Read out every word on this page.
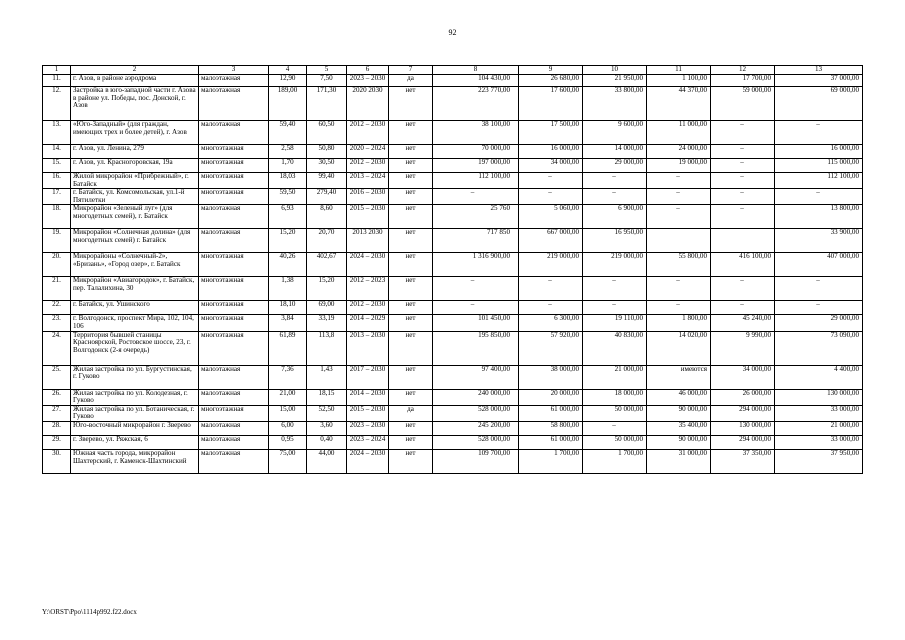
92
1	2	3	4	5	6	7	8	9	10	11	12	13
11.	г. Азов, в районе аэродрома	малоэтажная	12,90	7,50	2023 – 2030	да	104 430,00	26 680,00	21 950,00	1 100,00	17 700,00	37 000,00
12.	Застройка в юго-западной части г. Азова в районе ул. Победы, пос. Донской, г. Азов	малоэтажная	189,00	171,30	2020 2030	нет	223 770,00	17 600,00	33 800,00	44 370,00	59 000,00	69 000,00
13.	«Юго-Западный» (для граждан, имеющих трех и более детей), г. Азов	малоэтажная	59,40	60,50	2012 – 2030	нет	38 100,00	17 500,00	9 600,00	11 000,00	–	–
14.	г. Азов, ул. Ленина, 279	многоэтажная	2,58	50,80	2020 – 2024	нет	70 000,00	16 000,00	14 000,00	24 000,00	–	16 000,00
15.	г. Азов, ул. Красногоровская, 19а	многоэтажная	1,70	30,50	2012 – 2030	нет	197 000,00	34 000,00	29 000,00	19 000,00	–	115 000,00
16.	Жилой микрорайон «Прибрежный», г. Батайск	многоэтажная	18,03	99,40	2013 – 2024	нет	112 100,00	–	–	–	–	112 100,00
17.	г. Батайск, ул. Комсомольская, ул.1-й Пятилетки	многоэтажная	59,50	279,40	2016 – 2030	нет	–	–	–	–	–	–
18.	Микрорайон «Зеленый луг» (для многодетных семей), г. Батайск	малоэтажная	6,93	8,60	2015 – 2030	нет	25 760	5 060,00	6 900,00	–	–	13 800,00
19.	Микрорайон «Солнечная долина» (для многодетных семей) г. Батайск	малоэтажная	15,20	20,70	2013 2030	нет	717 850	667 000,00	16 950,00			33 900,00
20.	Микрорайоны «Солнечный-2», «Бризань», «Город озер», г. Батайск	многоэтажная	40,26	402,67	2024 – 2030	нет	1 316 900,00	219 000,00	219 000,00	55 800,00	416 100,00	407 000,00
21.	Микрорайон «Авиагородок», г. Батайск, пер. Талалихина, 30	многоэтажная	1,38	15,20	2012 – 2023	нет	–	–	–	–	–	–
22.	г. Батайск, ул. Ушинского	многоэтажная	18,10	69,00	2012 – 2030	нет	–	–	–	–	–	–
23.	г. Волгодонск, проспект Мира, 102, 104, 106	многоэтажная	3,84	33,19	2014 – 2029	нет	101 450,00	6 300,00	19 110,00	1 800,00	45 240,00	29 000,00
24.	Территория бывшей станицы Красноярской, Ростовское шоссе, 23, г. Волгодонск (2-я очередь)	многоэтажная	61,89	113,8	2013 – 2030	нет	195 850,00	57 920,00	40 830,00	14 020,00	9 990,00	73 090,00
25.	Жилая застройка по ул. Бургустинская, г. Гуково	малоэтажная	7,36	1,43	2017 – 2030	нет	97 400,00	38 000,00	21 000,00	имеются	34 000,00	4 400,00
26.	Жилая застройка по ул. Колодезная, г. Гуково	малоэтажная	21,00	18,15	2014 – 2030	нет	240 000,00	20 000,00	18 000,00	46 000,00	26 000,00	130 000,00
27.	Жилая застройка по ул. Ботаническая, г. Гуково	многоэтажная	15,00	52,50	2015 – 2030	да	528 000,00	61 000,00	50 000,00	90 000,00	294 000,00	33 000,00
28.	Юго-восточный микрорайон г. Зверево	малоэтажная	6,00	3,60	2023 – 2030	нет	245 200,00	58 800,00	–	35 400,00	130 000,00	21 000,00
29.	г. Зверево, ул. Ряжская, 6	малоэтажная	0,95	0,40	2023 – 2024	нет	528 000,00	61 000,00	50 000,00	90 000,00	294 000,00	33 000,00
30.	Южная часть города, микрорайон Шахтерский, г. Каменск-Шахтинский	малоэтажная	75,00	44,00	2024 – 2030	нет	109 700,00	1 700,00	1 700,00	31 000,00	37 350,00	37 950,00
Y:\ORST\Ppo\1114p992.f22.docx
